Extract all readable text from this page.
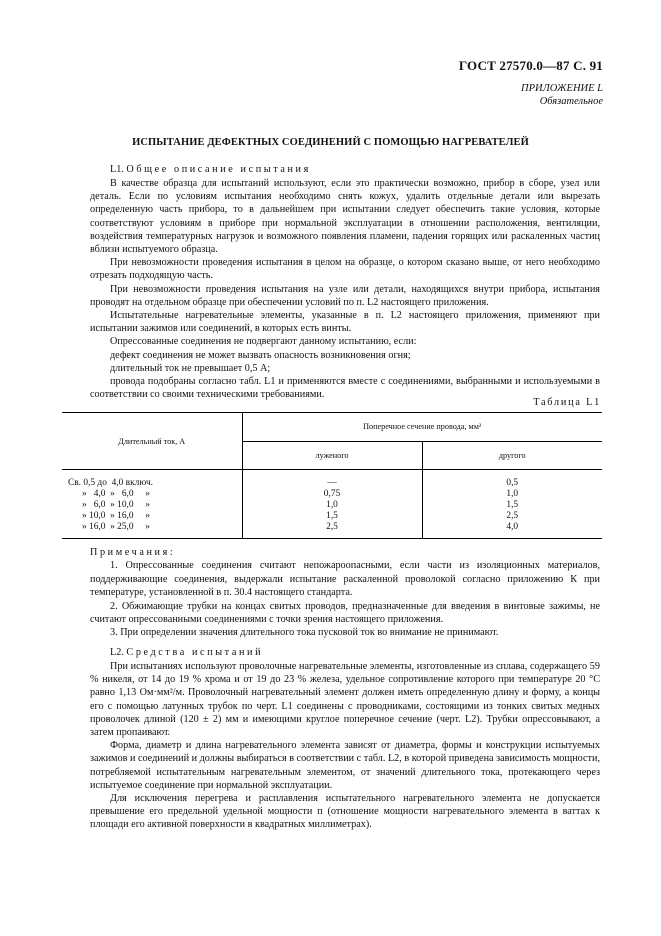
ГОСТ 27570.0—87 С. 91
ПРИЛОЖЕНИЕ L
Обязательное
ИСПЫТАНИЕ ДЕФЕКТНЫХ СОЕДИНЕНИЙ С ПОМОЩЬЮ НАГРЕВАТЕЛЕЙ
L1. Общее описание испытания

В качестве образца для испытаний используют, если это практически возможно, прибор в сборе, узел или деталь. Если по условиям испытания необходимо снять кожух, удалить отдельные детали или вырезать определенную часть прибора, то в дальнейшем при испытании следует обеспечить такие условия, которые соответствуют условиям в приборе при нормальной эксплуатации в отношении расположения, вентиляции, воздействия температурных нагрузок и возможного появления пламени, падения горящих или раскаленных частиц вблизи испытуемого образца.

При невозможности проведения испытания в целом на образце, о котором сказано выше, от него необходимо отрезать подходящую часть.

При невозможности проведения испытания на узле или детали, находящихся внутри прибора, испытания проводят на отдельном образце при обеспечении условий по п. L2 настоящего приложения.

Испытательные нагревательные элементы, указанные в п. L2 настоящего приложения, применяют при испытании зажимов или соединений, в которых есть винты.

Опрессованные соединения не подвергают данному испытанию, если:

дефект соединения не может вызвать опасность возникновения огня;

длительный ток не превышает 0,5 А;

провода подобраны согласно табл. L1 и применяются вместе с соединениями, выбранными и используемыми в соответствии со своими техническими требованиями.

Таблица L1

Длительный ток, А	Поперечное сечение провода, мм²	
	луженого	другого

Св. 0,5 до  4,0 включ.	—	0,5
»   4,0  »   6,0     »	0,75	1,0
»   6,0  » 10,0     »	1,0	1,5
» 10,0  » 16,0     »	1,5	2,5
» 16,0  » 25,0     »	2,5	4,0

Примечания:

1. Опрессованные соединения считают непожароопасными, если части из изоляционных материалов, поддерживающие соединения, выдержали испытание раскаленной проволокой согласно приложению К при температуре, установленной в п. 30.4 настоящего стандарта.

2. Обжимающие трубки на концах свитых проводов, предназначенные для введения в винтовые зажимы, не считают опрессованными соединениями с точки зрения настоящего приложения.

3. При определении значения длительного тока пусковой ток во внимание не принимают.

L2. Средства испытаний

При испытаниях используют проволочные нагревательные элементы, изготовленные из сплава, содержащего 59 % никеля, от 14 до 19 % хрома и от 19 до 23 % железа, удельное сопротивление которого при температуре 20 °С равно 1,13 Ом·мм²/м. Проволочный нагревательный элемент должен иметь определенную длину и форму, а концы его с помощью латунных трубок по черт. L1 соединены с проводниками, состоящими из тонких свитых медных проволочек длиной (120 ± 2) мм и имеющими круглое поперечное сечение (черт. L2). Трубки опрессовывают, а затем пропаивают.

Форма, диаметр и длина нагревательного элемента зависят от диаметра, формы и конструкции испытуемых зажимов и соединений и должны выбираться в соответствии с табл. L2, в которой приведена зависимость мощности, потребляемой испытательным нагревательным элементом, от значений длительного тока, протекающего через испытуемое соединение при нормальной эксплуатации.

Для исключения перегрева и расплавления испытательного нагревательного элемента не допускается превышение его предельной удельной мощности п (отношение мощности нагревательного элемента в ваттах к площади его активной поверхности в квадратных миллиметрах).
